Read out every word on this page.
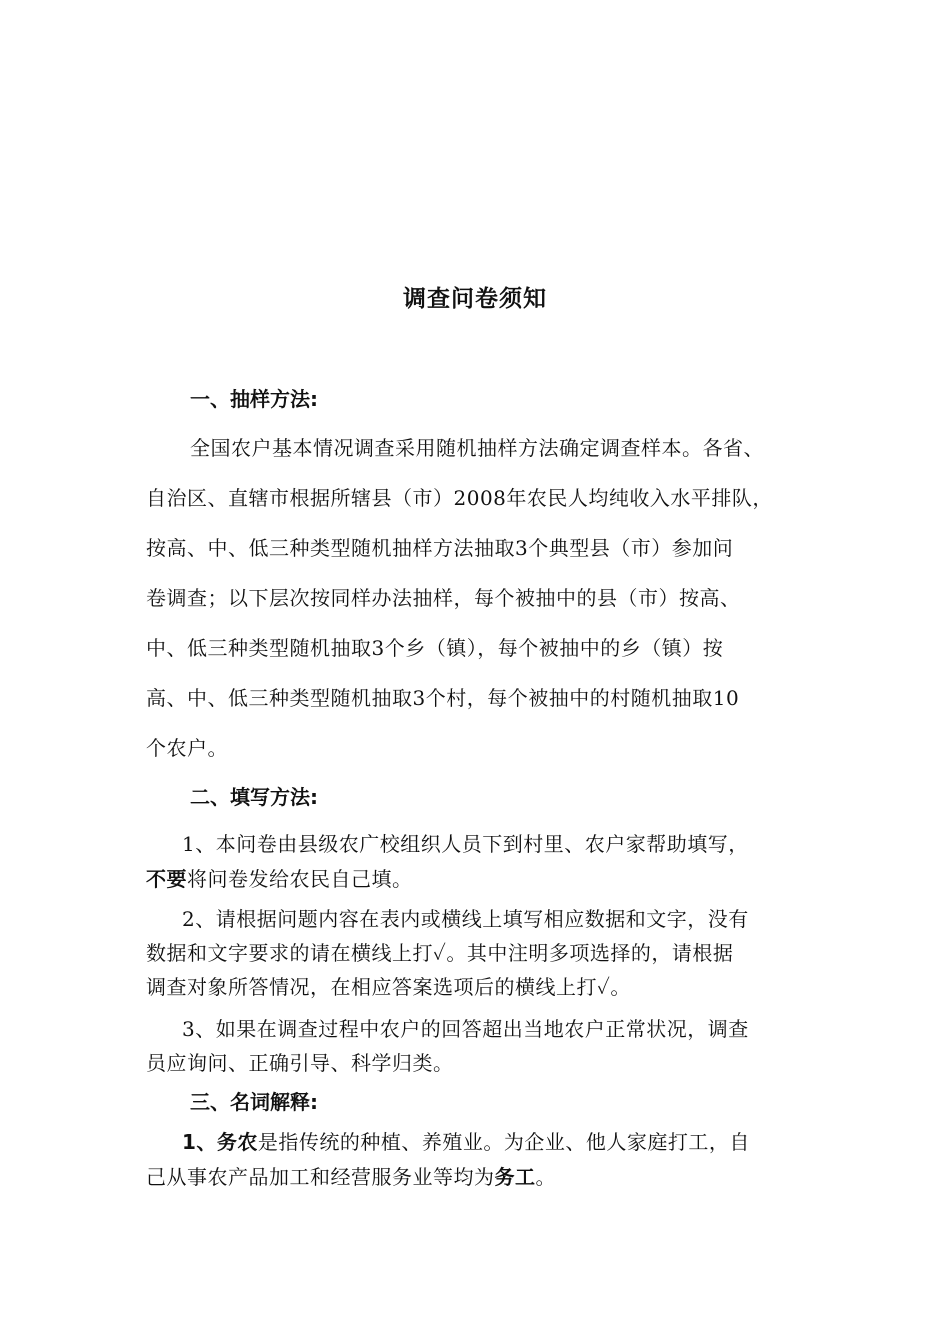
调查问卷须知
一、抽样方法:
全国农户基本情况调查采用随机抽样方法确定调查样本。各省、
自治区、直辖市根据所辖县（市）2008年农民人均纯收入水平排队，
按高、中、低三种类型随机抽样方法抽取3个典型县（市）参加问
卷调查；以下层次按同样办法抽样，每个被抽中的县（市）按高、
中、低三种类型随机抽取3个乡（镇），每个被抽中的乡（镇）按
高、中、低三种类型随机抽取3个村，每个被抽中的村随机抽取10
个农户。
二、填写方法:
1、本问卷由县级农广校组织人员下到村里、农户家帮助填写，
不要将问卷发给农民自己填。
2、请根据问题内容在表内或横线上填写相应数据和文字，没有
数据和文字要求的请在横线上打✓。其中注明多项选择的，请根据
调查对象所答情况，在相应答案选项后的横线上打✓。
3、如果在调查过程中农户的回答超出当地农户正常状况，调查
员应询问、正确引导、科学归类。
三、名词解释:
1、务农是指传统的种植、养殖业。为企业、他人家庭打工，自
己从事农产品加工和经营服务业等均为务工。
